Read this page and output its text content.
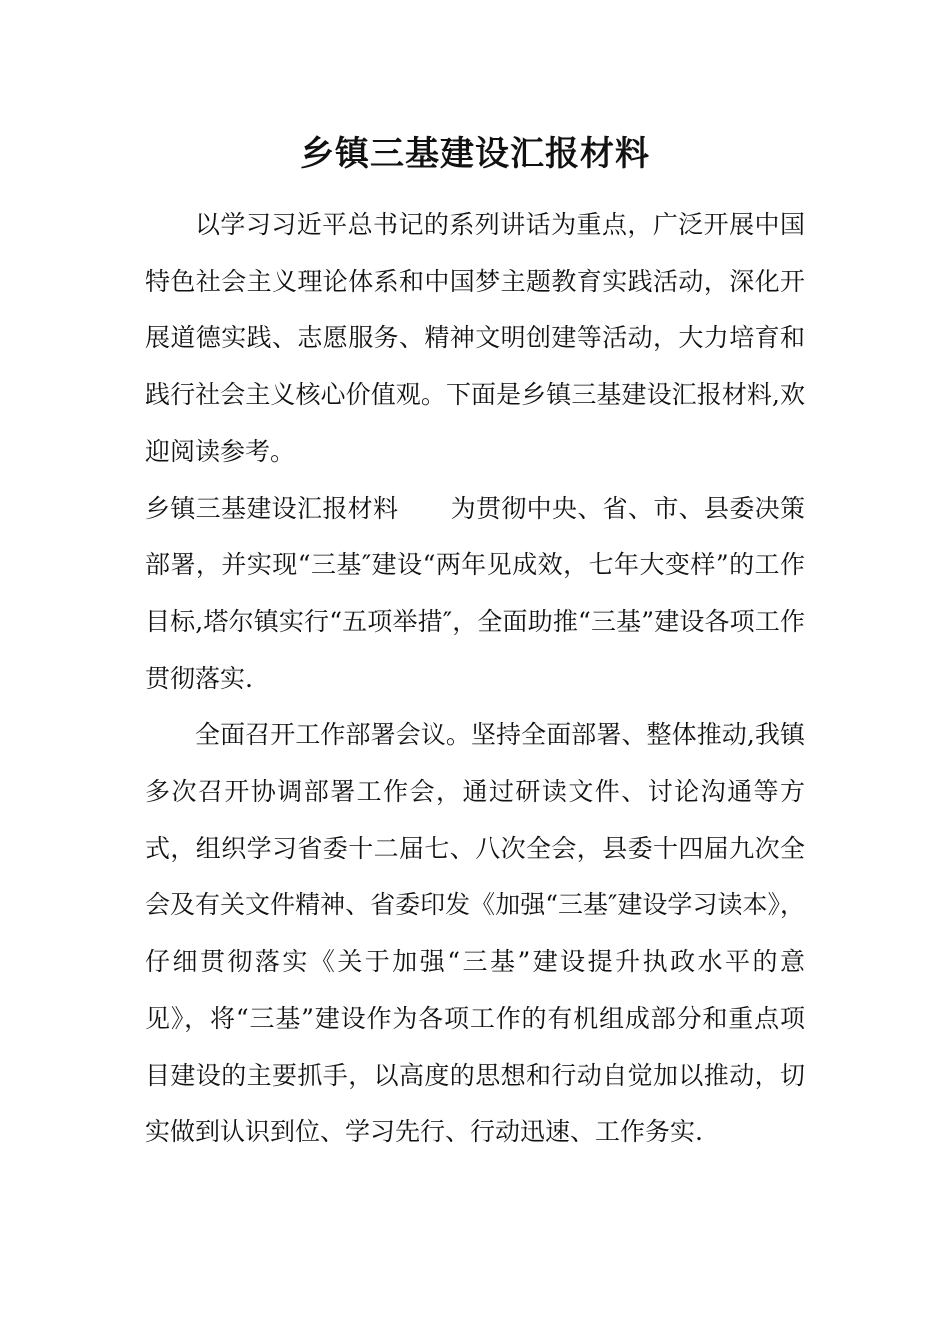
乡镇三基建设汇报材料

以学习习近平总书记的系列讲话为重点，广泛开展中国特色社会主义理论体系和中国梦主题教育实践活动，深化开展道德实践、志愿服务、精神文明创建等活动，大力培育和践行社会主义核心价值观。下面是乡镇三基建设汇报材料,欢迎阅读参考。

乡镇三基建设汇报材料 为贯彻中央、省、市、县委决策部署，并实现“三基″建设“两年见成效，七年大变样”的工作目标,塔尔镇实行“五项举措″，全面助推“三基”建设各项工作贯彻落实.

全面召开工作部署会议。坚持全面部署、整体推动,我镇多次召开协调部署工作会，通过研读文件、讨论沟通等方式，组织学习省委十二届七、八次全会，县委十四届九次全会及有关文件精神、省委印发《加强“三基″建设学习读本》，仔细贯彻落实《关于加强“三基”建设提升执政水平的意见》，将“三基”建设作为各项工作的有机组成部分和重点项目建设的主要抓手，以高度的思想和行动自觉加以推动，切实做到认识到位、学习先行、行动迅速、工作务实.
